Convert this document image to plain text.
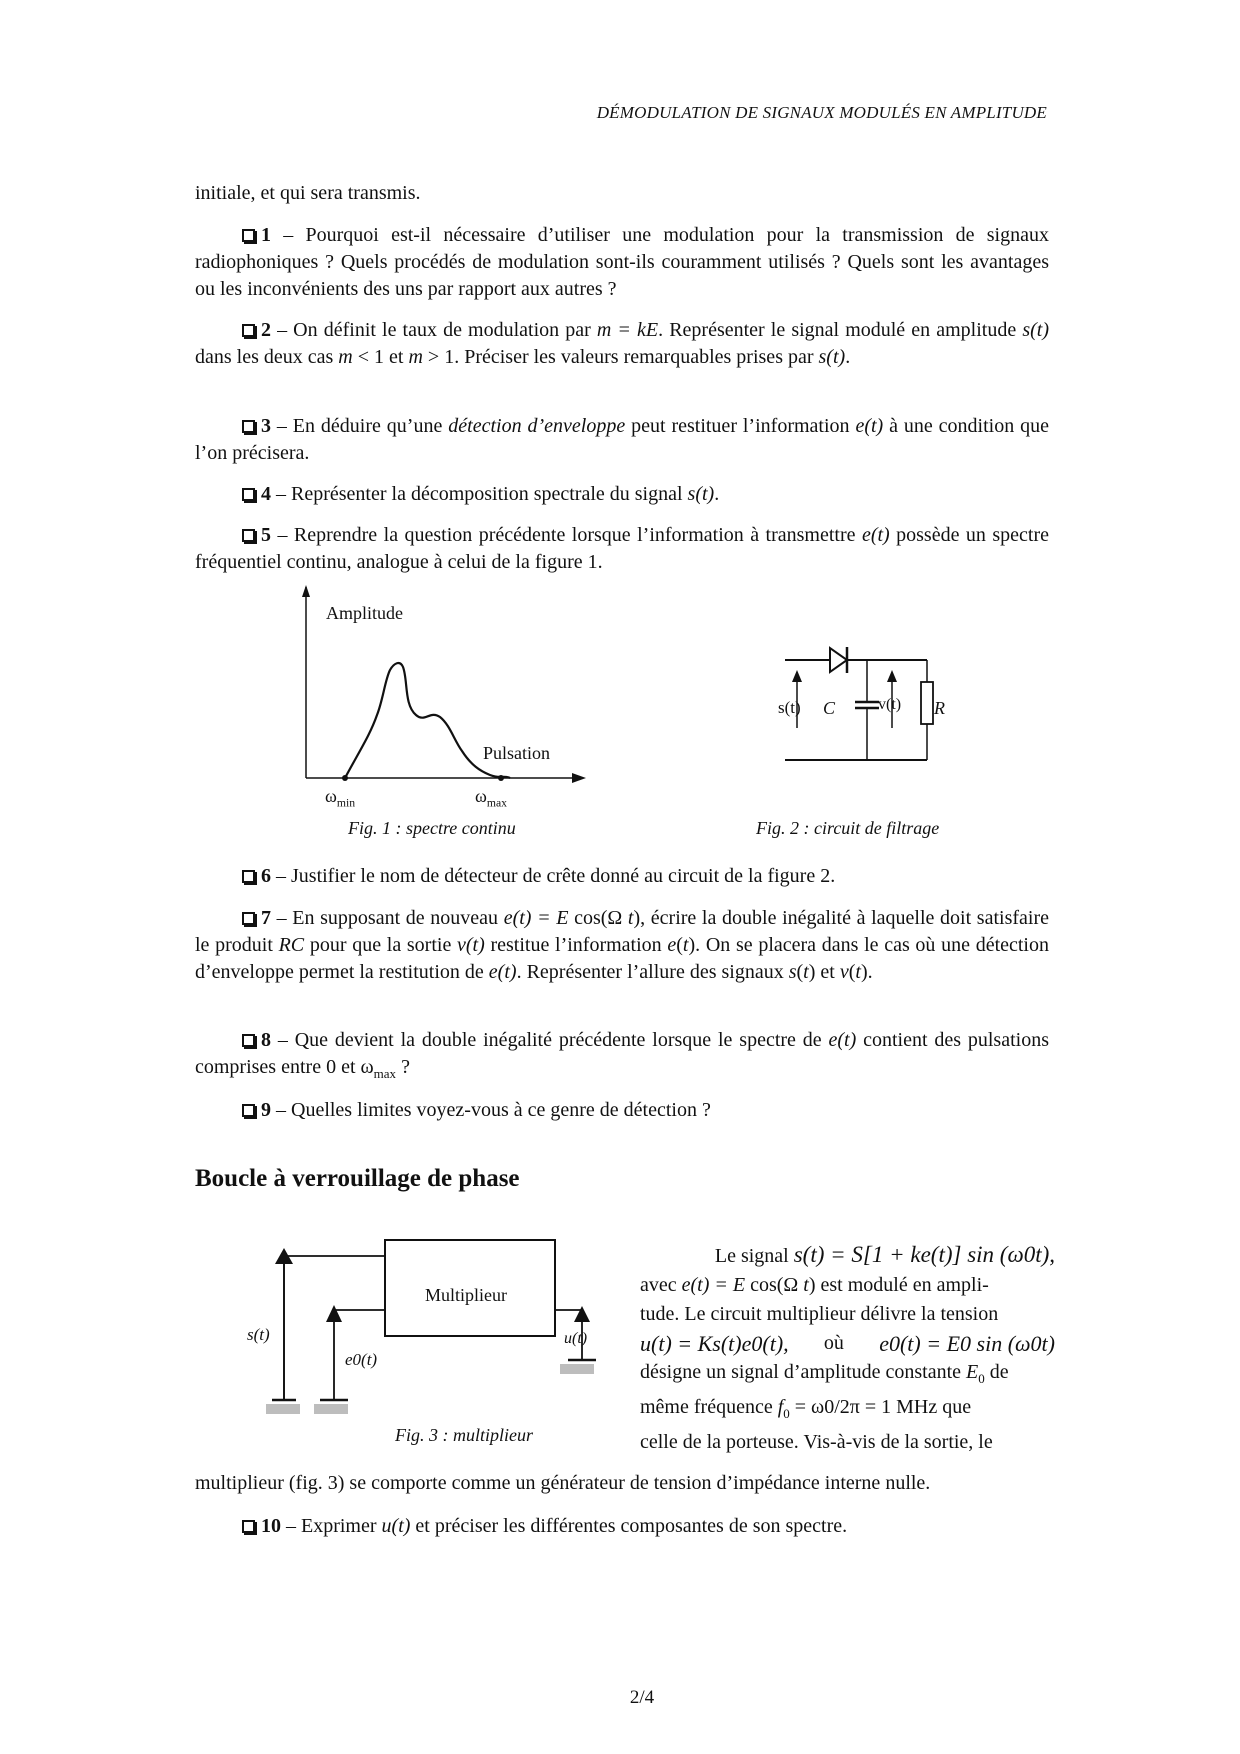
DÉMODULATION DE SIGNAUX MODULÉS EN AMPLITUDE

initiale, et qui sera transmis.

1 – Pourquoi est-il nécessaire d’utiliser une modulation pour la transmission de signaux radiophoniques ? Quels procédés de modulation sont-ils couramment utilisés ? Quels sont les avantages ou les inconvénients des uns par rapport aux autres ?

2 – On définit le taux de modulation par m = kE. Représenter le signal modulé en amplitude s(t) dans les deux cas m < 1 et m > 1. Préciser les valeurs remarquables prises par s(t).

3 – En déduire qu’une détection d’enveloppe peut restituer l’information e(t) à une condition que l’on précisera.

4 – Représenter la décomposition spectrale du signal s(t).

5 – Reprendre la question précédente lorsque l’information à transmettre e(t) possède un spectre fréquentiel continu, analogue à celui de la figure 1.

Amplitude
Pulsation
$\omega_{min}$	$\omega_{max}$
Fig. 1 : spectre continu
s(t) C	v(t) R
Fig. 2 : circuit de filtrage

6 – Justifier le nom de détecteur de crête donné au circuit de la figure 2.

7 – En supposant de nouveau e(t) = E cos(Ω t), écrire la double inégalité à laquelle doit satisfaire le produit RC pour que la sortie v(t) restitue l’information e(t). On se placera dans le cas où une détection d’enveloppe permet la restitution de e(t). Représenter l’allure des signaux s(t) et v(t).

8 – Que devient la double inégalité précédente lorsque le spectre de e(t) contient des pulsations comprises entre 0 et $\omega_{max}$ ?

9 – Quelles limites voyez-vous à ce genre de détection ?

Boucle à verrouillage de phase
Multiplieur
s(t)
e0(t)
u(t)
Fig. 3 : multiplieur
Le signal s(t) = S[1 + ke(t)] sin (ω0t),
avec e(t) = E cos(Ω t) est modulé en ampli-
tude. Le circuit multiplieur délivre la tension
u(t) = Ks(t)e0(t), où e0(t) = E0 sin (ω0t)
désigne un signal d’amplitude constante $E_0$ de
même fréquence $f_0 = \omega 0/2\pi = 1$ MHz que
celle de la porteuse. Vis-à-vis de la sortie, le

multiplieur (fig. 3) se comporte comme un générateur de tension d’impédance interne nulle.

10 – Exprimer u(t) et préciser les différentes composantes de son spectre.

2/4
